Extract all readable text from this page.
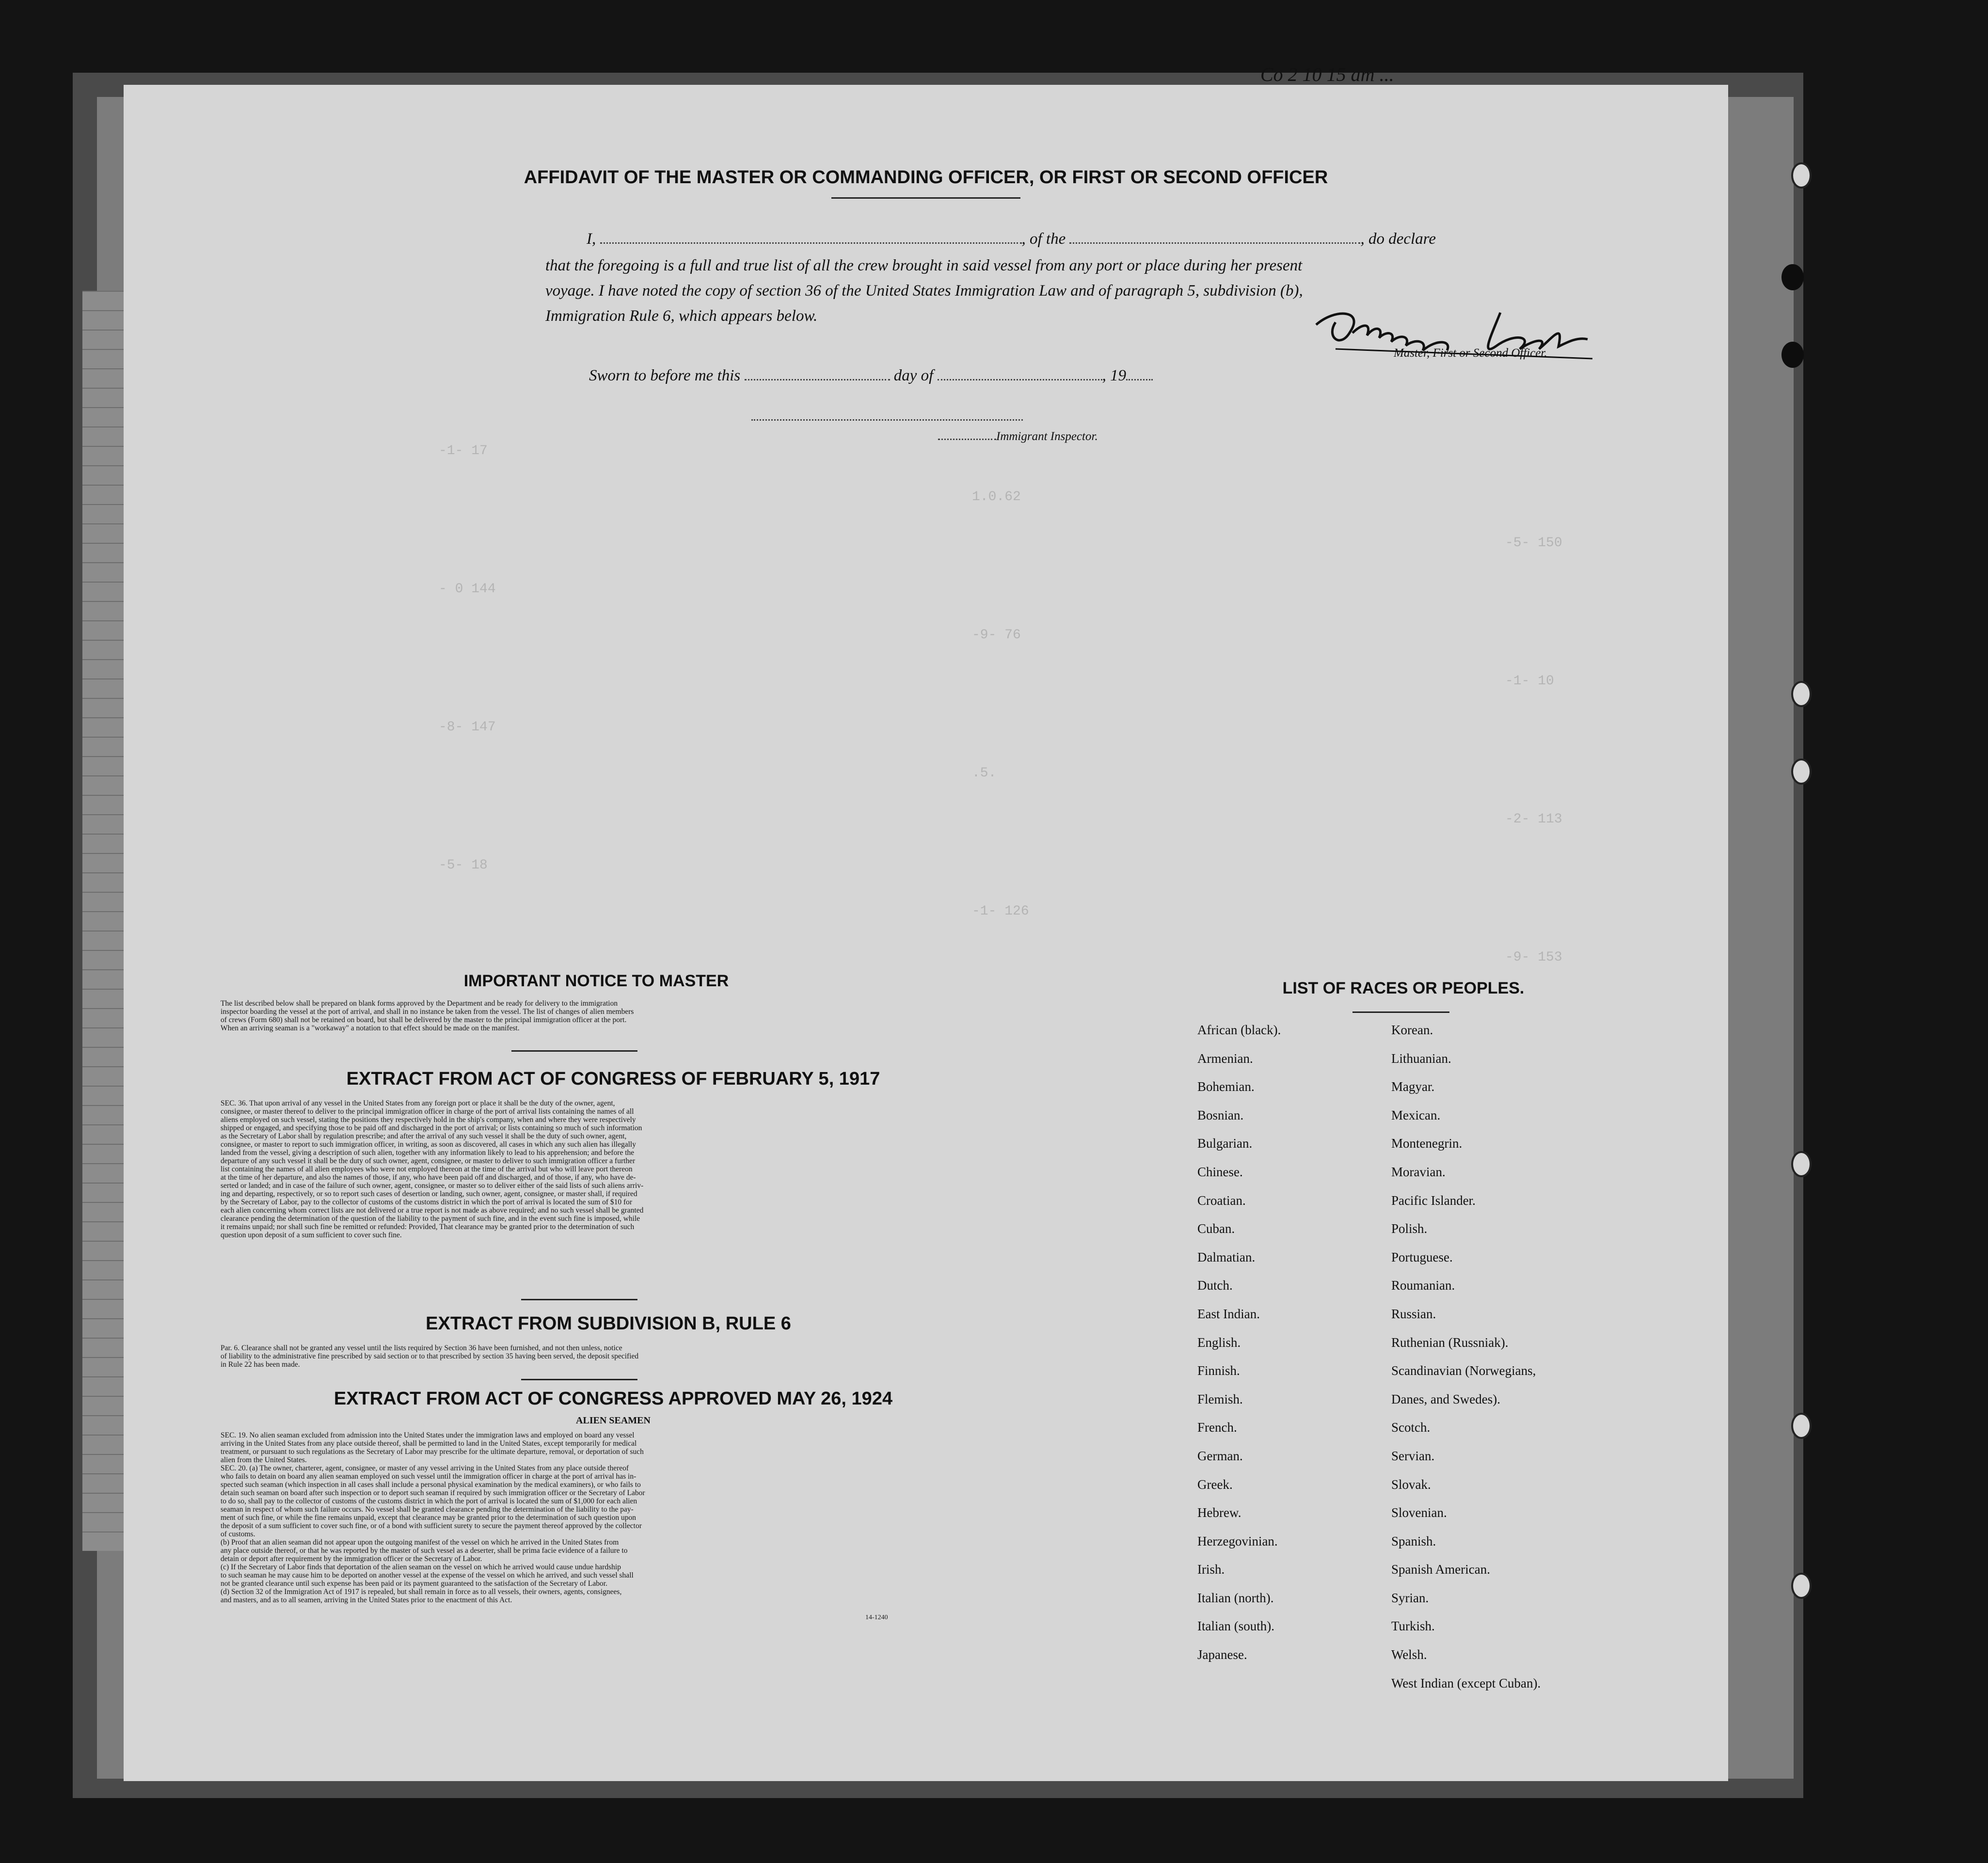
-1- 17
1.0.62
-5- 150
- 0 144
-9- 76
-1- 10
-8- 147
.5.
-2- 113
-5- 18
-1- 126
-9- 153
AFFIDAVIT OF THE MASTER OR COMMANDING OFFICER, OR FIRST OR SECOND OFFICER
I,	, of the	, do declare
that the foregoing is a full and true list of all the crew brought in said vessel from any port or place during her present
voyage. I have noted the copy of section 36 of the United States Immigration Law and of paragraph 5, subdivision (b),
Immigration Rule 6, which appears below.
Master, First or Second Officer.
Sworn to before me this	day of	, 19
Immigrant Inspector.
IMPORTANT NOTICE TO MASTER
The list described below shall be prepared on blank forms approved by the Department and be ready for delivery to the immigration
inspector boarding the vessel at the port of arrival, and shall in no instance be taken from the vessel. The list of changes of alien members
of crews (Form 680) shall not be retained on board, but shall be delivered by the master to the principal immigration officer at the port.
When an arriving seaman is a "workaway" a notation to that effect should be made on the manifest.
EXTRACT FROM ACT OF CONGRESS OF FEBRUARY 5, 1917
SEC. 36. That upon arrival of any vessel in the United States from any foreign port or place it shall be the duty of the owner, agent,
consignee, or master thereof to deliver to the principal immigration officer in charge of the port of arrival lists containing the names of all
aliens employed on such vessel, stating the positions they respectively hold in the ship's company, when and where they were respectively
shipped or engaged, and specifying those to be paid off and discharged in the port of arrival; or lists containing so much of such information
as the Secretary of Labor shall by regulation prescribe; and after the arrival of any such vessel it shall be the duty of such owner, agent,
consignee, or master to report to such immigration officer, in writing, as soon as discovered, all cases in which any such alien has illegally
landed from the vessel, giving a description of such alien, together with any information likely to lead to his apprehension; and before the
departure of any such vessel it shall be the duty of such owner, agent, consignee, or master to deliver to such immigration officer a further
list containing the names of all alien employees who were not employed thereon at the time of the arrival but who will leave port thereon
at the time of her departure, and also the names of those, if any, who have been paid off and discharged, and of those, if any, who have de-
serted or landed; and in case of the failure of such owner, agent, consignee, or master so to deliver either of the said lists of such aliens arriv-
ing and departing, respectively, or so to report such cases of desertion or landing, such owner, agent, consignee, or master shall, if required
by the Secretary of Labor, pay to the collector of customs of the customs district in which the port of arrival is located the sum of $10 for
each alien concerning whom correct lists are not delivered or a true report is not made as above required; and no such vessel shall be granted
clearance pending the determination of the question of the liability to the payment of such fine, and in the event such fine is imposed, while
it remains unpaid; nor shall such fine be remitted or refunded: Provided, That clearance may be granted prior to the determination of such
question upon deposit of a sum sufficient to cover such fine.
EXTRACT FROM SUBDIVISION B, RULE 6
Par. 6. Clearance shall not be granted any vessel until the lists required by Section 36 have been furnished, and not then unless, notice
of liability to the administrative fine prescribed by said section or to that prescribed by section 35 having been served, the deposit specified
in Rule 22 has been made.
EXTRACT FROM ACT OF CONGRESS APPROVED MAY 26, 1924
ALIEN SEAMEN
SEC. 19. No alien seaman excluded from admission into the United States under the immigration laws and employed on board any vessel
arriving in the United States from any place outside thereof, shall be permitted to land in the United States, except temporarily for medical
treatment, or pursuant to such regulations as the Secretary of Labor may prescribe for the ultimate departure, removal, or deportation of such
alien from the United States.
SEC. 20. (a) The owner, charterer, agent, consignee, or master of any vessel arriving in the United States from any place outside thereof
who fails to detain on board any alien seaman employed on such vessel until the immigration officer in charge at the port of arrival has in-
spected such seaman (which inspection in all cases shall include a personal physical examination by the medical examiners), or who fails to
detain such seaman on board after such inspection or to deport such seaman if required by such immigration officer or the Secretary of Labor
to do so, shall pay to the collector of customs of the customs district in which the port of arrival is located the sum of $1,000 for each alien
seaman in respect of whom such failure occurs. No vessel shall be granted clearance pending the determination of the liability to the pay-
ment of such fine, or while the fine remains unpaid, except that clearance may be granted prior to the determination of such question upon
the deposit of a sum sufficient to cover such fine, or of a bond with sufficient surety to secure the payment thereof approved by the collector
of customs.
(b) Proof that an alien seaman did not appear upon the outgoing manifest of the vessel on which he arrived in the United States from
any place outside thereof, or that he was reported by the master of such vessel as a deserter, shall be prima facie evidence of a failure to
detain or deport after requirement by the immigration officer or the Secretary of Labor.
(c) If the Secretary of Labor finds that deportation of the alien seaman on the vessel on which he arrived would cause undue hardship
to such seaman he may cause him to be deported on another vessel at the expense of the vessel on which he arrived, and such vessel shall
not be granted clearance until such expense has been paid or its payment guaranteed to the satisfaction of the Secretary of Labor.
(d) Section 32 of the Immigration Act of 1917 is repealed, but shall remain in force as to all vessels, their owners, agents, consignees,
and masters, and as to all seamen, arriving in the United States prior to the enactment of this Act.
14-1240
LIST OF RACES OR PEOPLES.
African (black).
Armenian.
Bohemian.
Bosnian.
Bulgarian.
Chinese.
Croatian.
Cuban.
Dalmatian.
Dutch.
East Indian.
English.
Finnish.
Flemish.
French.
German.
Greek.
Hebrew.
Herzegovinian.
Irish.
Italian (north).
Italian (south).
Japanese.
Korean.
Lithuanian.
Magyar.
Mexican.
Montenegrin.
Moravian.
Pacific Islander.
Polish.
Portuguese.
Roumanian.
Russian.
Ruthenian (Russniak).
Scandinavian (Norwegians,
Danes, and Swedes).
Scotch.
Servian.
Slovak.
Slovenian.
Spanish.
Spanish American.
Syrian.
Turkish.
Welsh.
West Indian (except Cuban).
Co 2 10 15 am ...
